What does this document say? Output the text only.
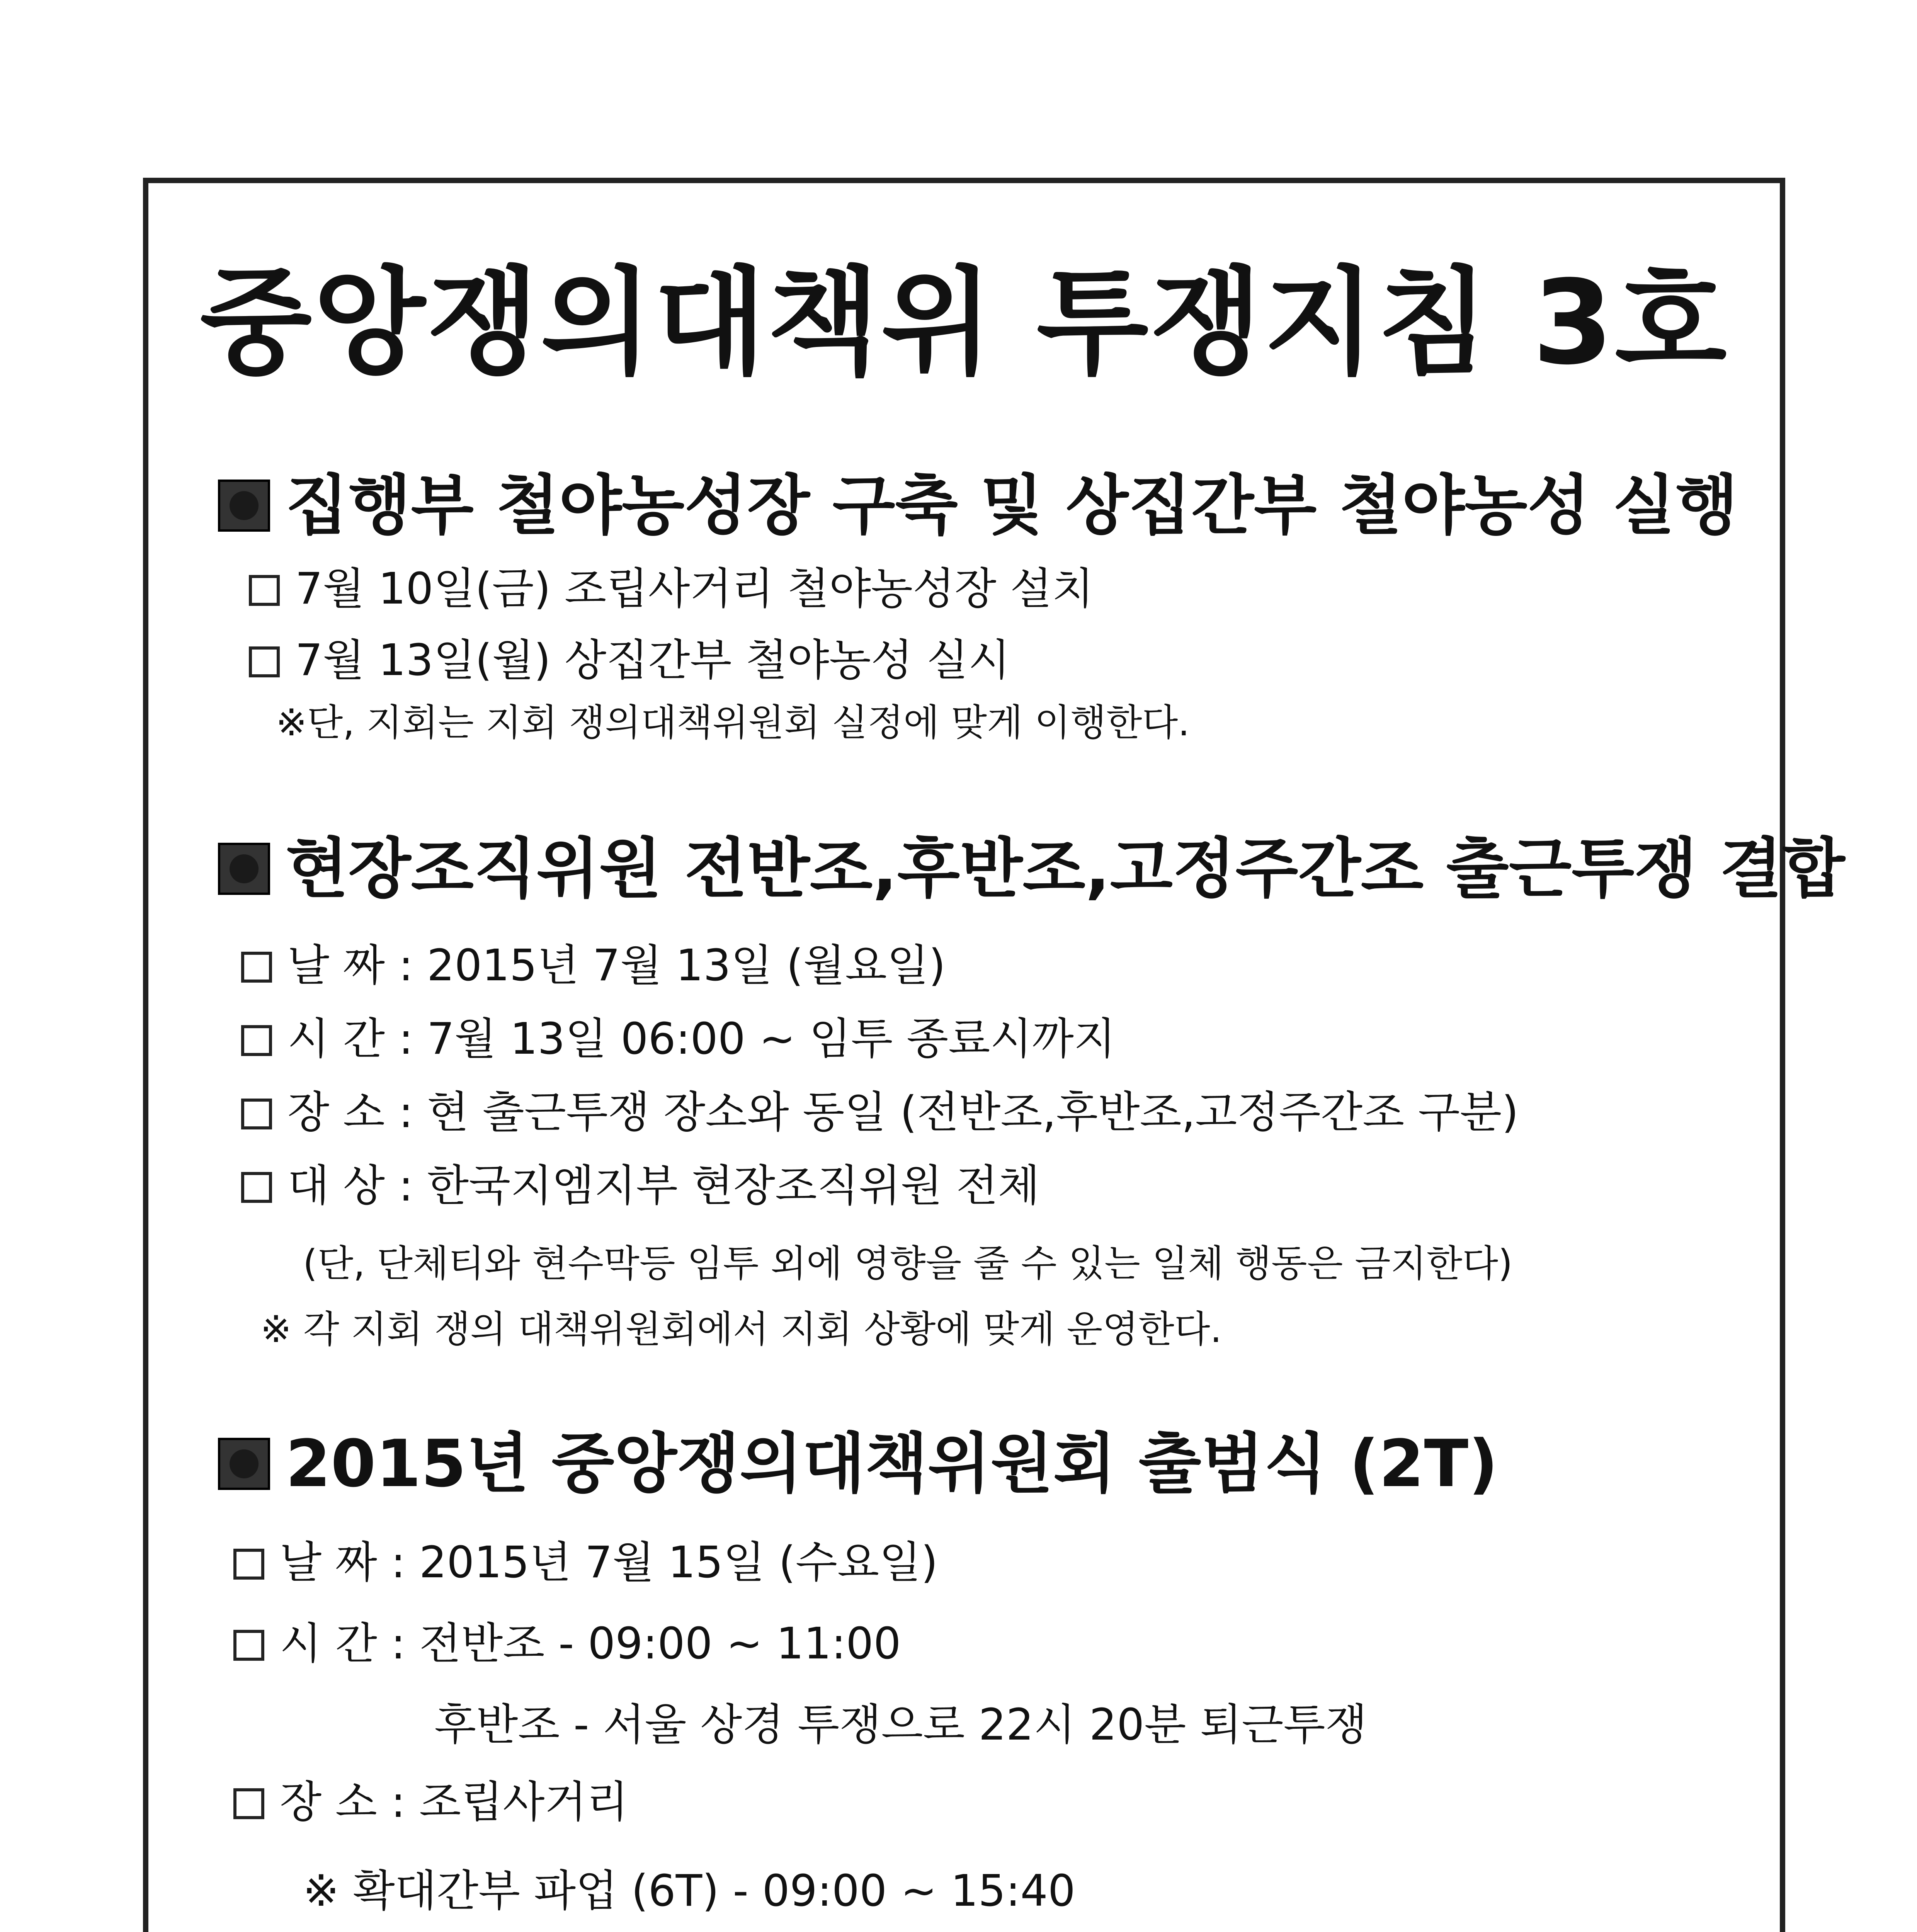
중앙쟁의대책위 투쟁지침 3호
집행부 철야농성장 구축 및 상집간부 철야농성 실행
7월 10일(금) 조립사거리 철야농성장 설치
7월 13일(월) 상집간부 철야농성 실시
※단, 지회는 지회 쟁의대책위원회 실정에 맞게 이행한다.
현장조직위원 전반조,후반조,고정주간조 출근투쟁 결합
날 짜 : 2015년 7월 13일 (월요일)
시 간 : 7월 13일 06:00 ~ 임투 종료시까지
장 소 : 현 출근투쟁 장소와 동일 (전반조,후반조,고정주간조 구분)
대 상 : 한국지엠지부 현장조직위원 전체
(단, 단체티와 현수막등 임투 외에 영향을 줄 수 있는 일체 행동은 금지한다)
※ 각 지회 쟁의 대책위원회에서 지회 상황에 맞게 운영한다.
2015년 중앙쟁의대책위원회 출범식 (2T)
날 짜 : 2015년 7월 15일 (수요일)
시 간 : 전반조 - 09:00 ~ 11:00
후반조 - 서울 상경 투쟁으로 22시 20분 퇴근투쟁
장 소 : 조립사거리
※ 확대간부 파업 (6T) - 09:00 ~ 15:40
